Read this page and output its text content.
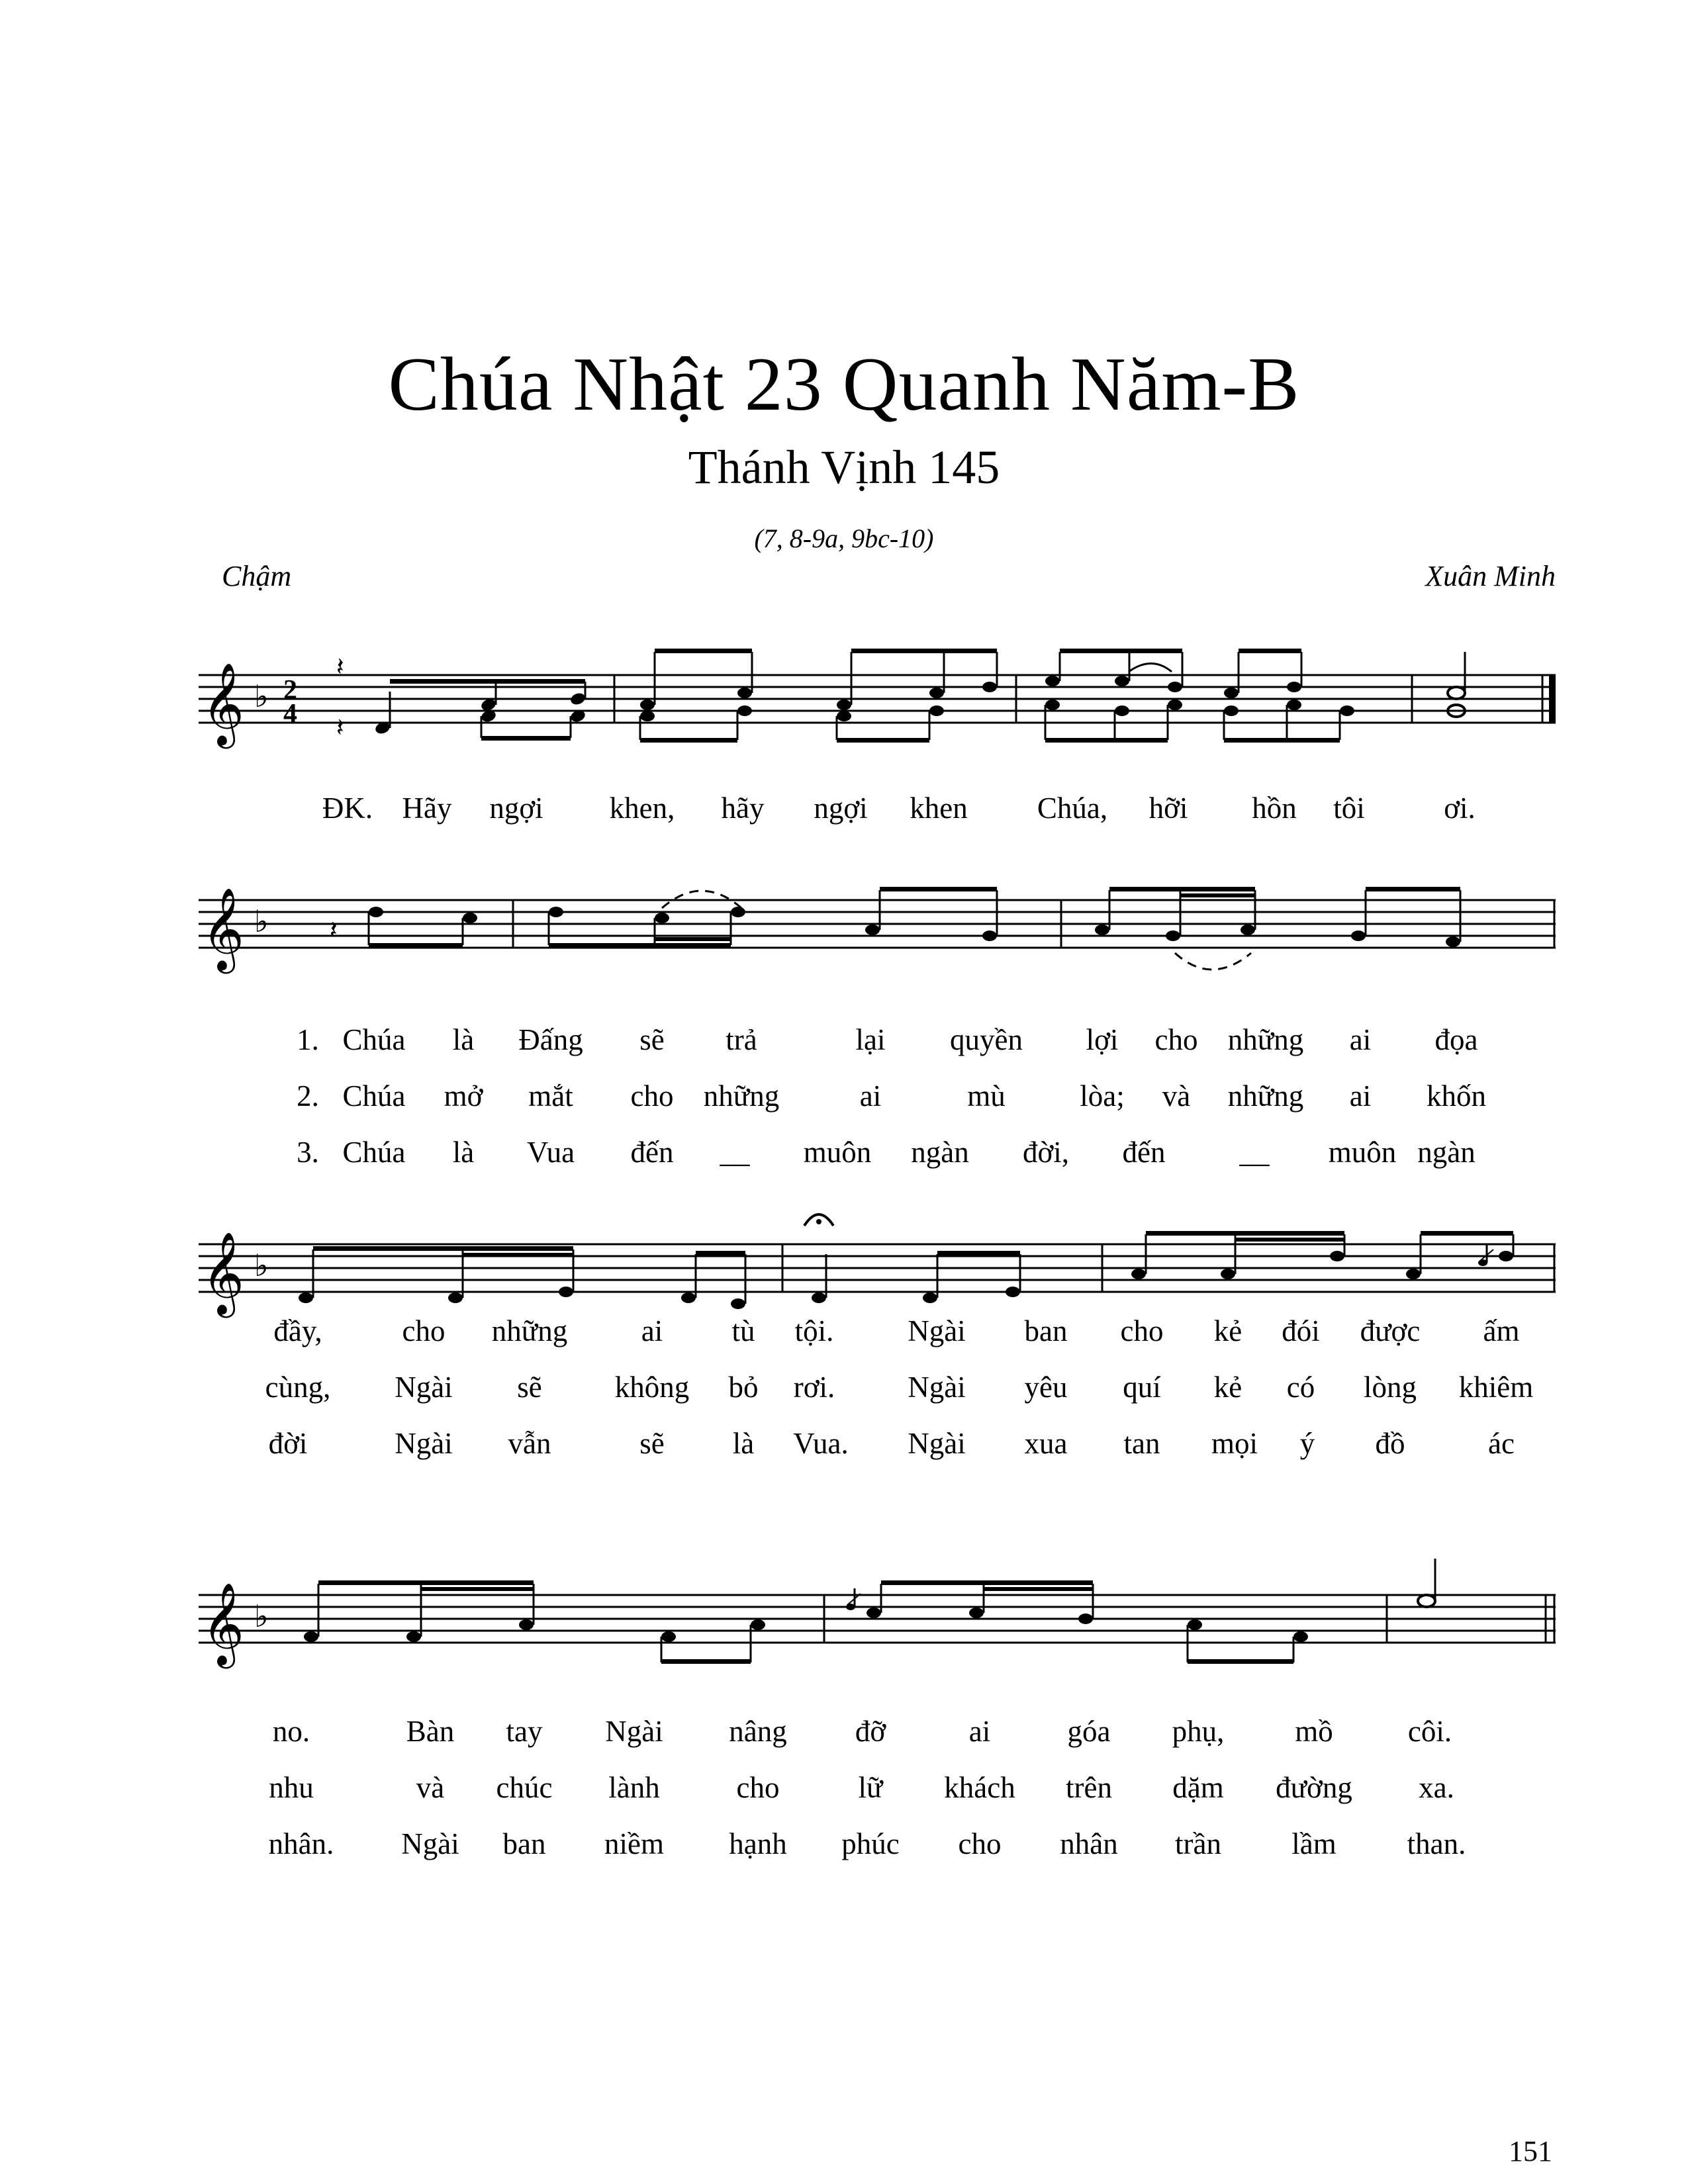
Chúa Nhật 23 Quanh Năm-B
Thánh Vịnh 145
(7, 8-9a, 9bc-10)
Chậm	Xuân Minh
𝄞 ♭ 2
4
𝄽
𝄽
ĐK. Hãy ngợi khen, hãy ngợi khen Chúa, hỡi hồn tôi	ơi.
𝄞 ♭ 𝄽
1. Chúa là Đấng sẽ trả	lại quyền lợi cho những ai đọa
2. Chúa mở mắt cho những	ai	mù	lòa; và những ai khốn
3. Chúa là Vua đến __ muôn ngàn đời, đến __ muôn ngàn
𝄞 ♭
đầy,	cho những ai tù tội. Ngài ban cho kẻ đói được ấm
cùng, Ngài sẽ không bỏ rơi. Ngài yêu quí kẻ có lòng khiêm
đời	Ngài vẫn	sẽ là Vua. Ngài xua tan mọi ý đồ	ác
𝄞 ♭
no.	Bàn tay Ngài nâng đỡ	ai	góa phụ, mồ	côi.
nhu	và chúc lành	cho	lữ khách trên dặm đường xa.
nhân. Ngài ban niềm hạnh phúc cho nhân trần lầm than.
151
